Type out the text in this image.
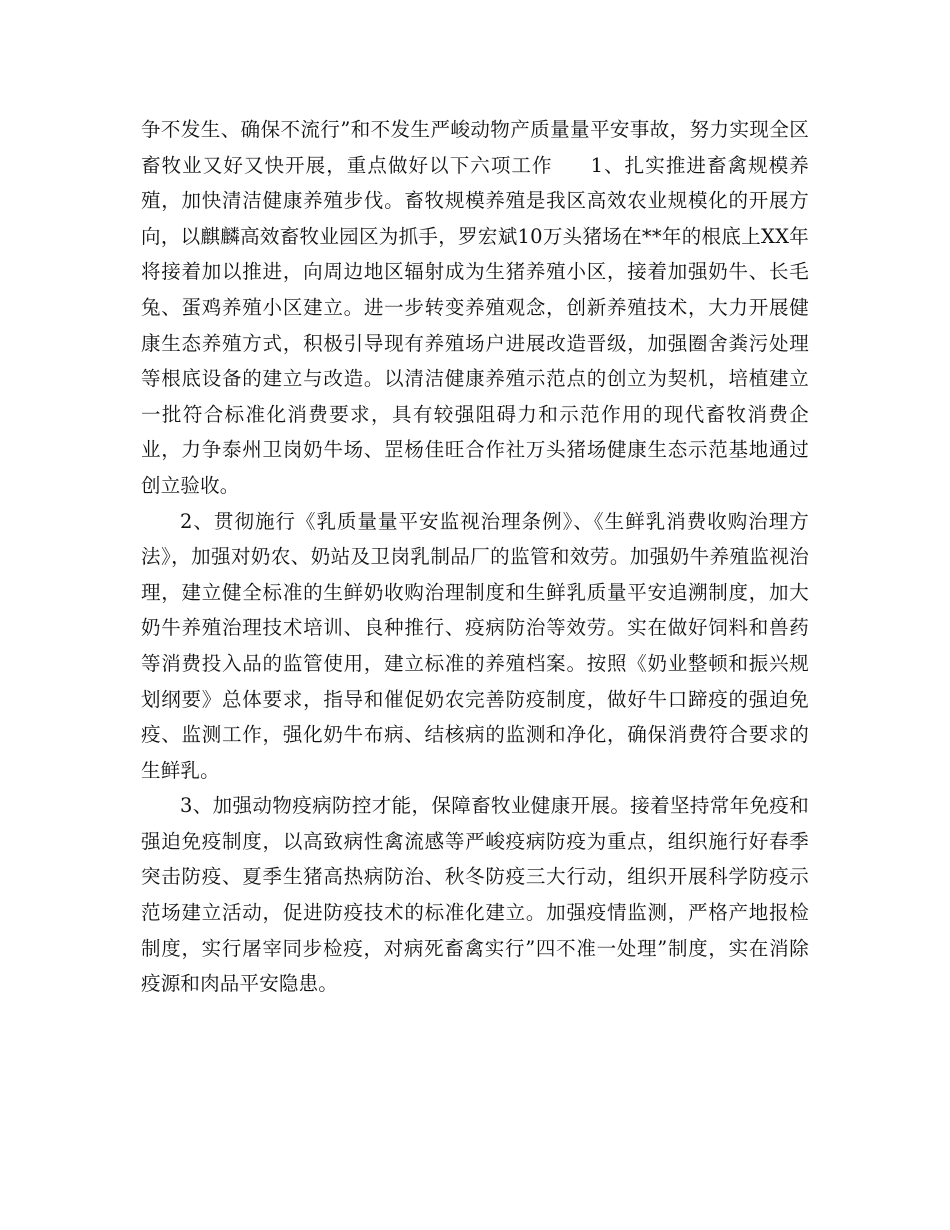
争不发生、确保不流行”和不发生严峻动物产质量量平安事故，努力实现全区畜牧业又好又快开展，重点做好以下六项工作 1、扎实推进畜禽规模养殖，加快清洁健康养殖步伐。畜牧规模养殖是我区高效农业规模化的开展方向，以麒麟高效畜牧业园区为抓手，罗宏斌10万头猪场在**年的根底上XX年将接着加以推进，向周边地区辐射成为生猪养殖小区，接着加强奶牛、长毛兔、蛋鸡养殖小区建立。进一步转变养殖观念，创新养殖技术，大力开展健康生态养殖方式，积极引导现有养殖场户进展改造晋级，加强圈舍粪污处理等根底设备的建立与改造。以清洁健康养殖示范点的创立为契机，培植建立一批符合标准化消费要求，具有较强阻碍力和示范作用的现代畜牧消费企业，力争泰州卫岗奶牛场、罡杨佳旺合作社万头猪场健康生态示范基地通过创立验收。

2、贯彻施行《乳质量量平安监视治理条例》、《生鲜乳消费收购治理方法》，加强对奶农、奶站及卫岗乳制品厂的监管和效劳。加强奶牛养殖监视治理，建立健全标准的生鲜奶收购治理制度和生鲜乳质量平安追溯制度，加大奶牛养殖治理技术培训、良种推行、疫病防治等效劳。实在做好饲料和兽药等消费投入品的监管使用，建立标准的养殖档案。按照《奶业整顿和振兴规划纲要》总体要求，指导和催促奶农完善防疫制度，做好牛口蹄疫的强迫免疫、监测工作，强化奶牛布病、结核病的监测和净化，确保消费符合要求的生鲜乳。

3、加强动物疫病防控才能，保障畜牧业健康开展。接着坚持常年免疫和强迫免疫制度，以高致病性禽流感等严峻疫病防疫为重点，组织施行好春季突击防疫、夏季生猪高热病防治、秋冬防疫三大行动，组织开展科学防疫示范场建立活动，促进防疫技术的标准化建立。加强疫情监测，严格产地报检制度，实行屠宰同步检疫，对病死畜禽实行”四不准一处理”制度，实在消除疫源和肉品平安隐患。
